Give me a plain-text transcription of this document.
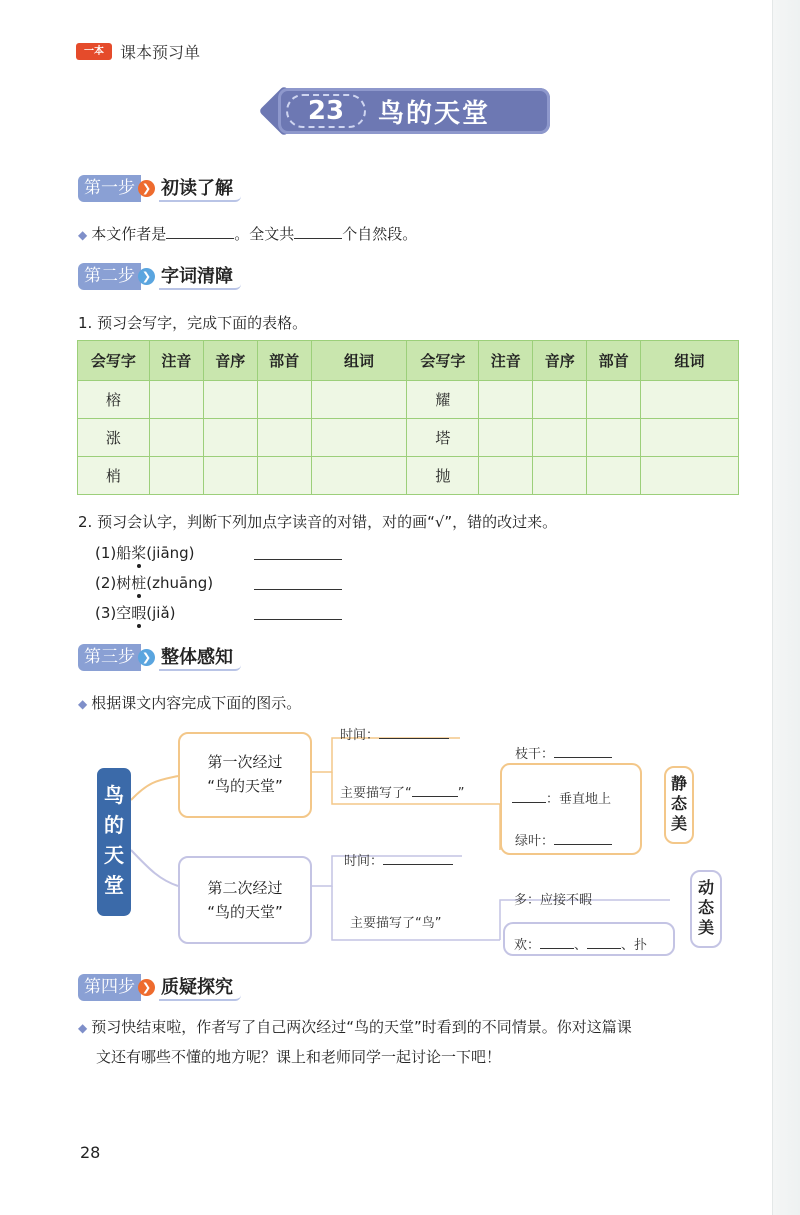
一本	课本预习单
23	鸟的天堂
第一步 ❯ 初读了解
◆ 本文作者是	。全文共	个自然段。
第二步 ❯ 字词清障
1. 预习会写字，完成下面的表格。
会写字	注音	音序	部首	组词	会写字	注音	音序	部首	组词
榕					耀				
涨					塔				
梢					抛				
2. 预习会认字，判断下列加点字读音的对错，对的画“√”，错的改过来。
(1)船桨(jiāng)
(2)树桩(zhuāng)
(3)空暇(jiǎ)
第三步 ❯ 整体感知
◆ 根据课文内容完成下面的图示。
鸟的天堂
第一次经过
“鸟的天堂”
第二次经过
“鸟的天堂”
时间：
主要描写了“	”
枝干：
：垂直地上
绿叶：
静态美
时间：
主要描写了“鸟”
多：应接不暇
欢：	、	、扑
动态美
第四步 ❯ 质疑探究
◆ 预习快结束啦，作者写了自己两次经过“鸟的天堂”时看到的不同情景。你对这篇课
文还有哪些不懂的地方呢？课上和老师同学一起讨论一下吧！
28
